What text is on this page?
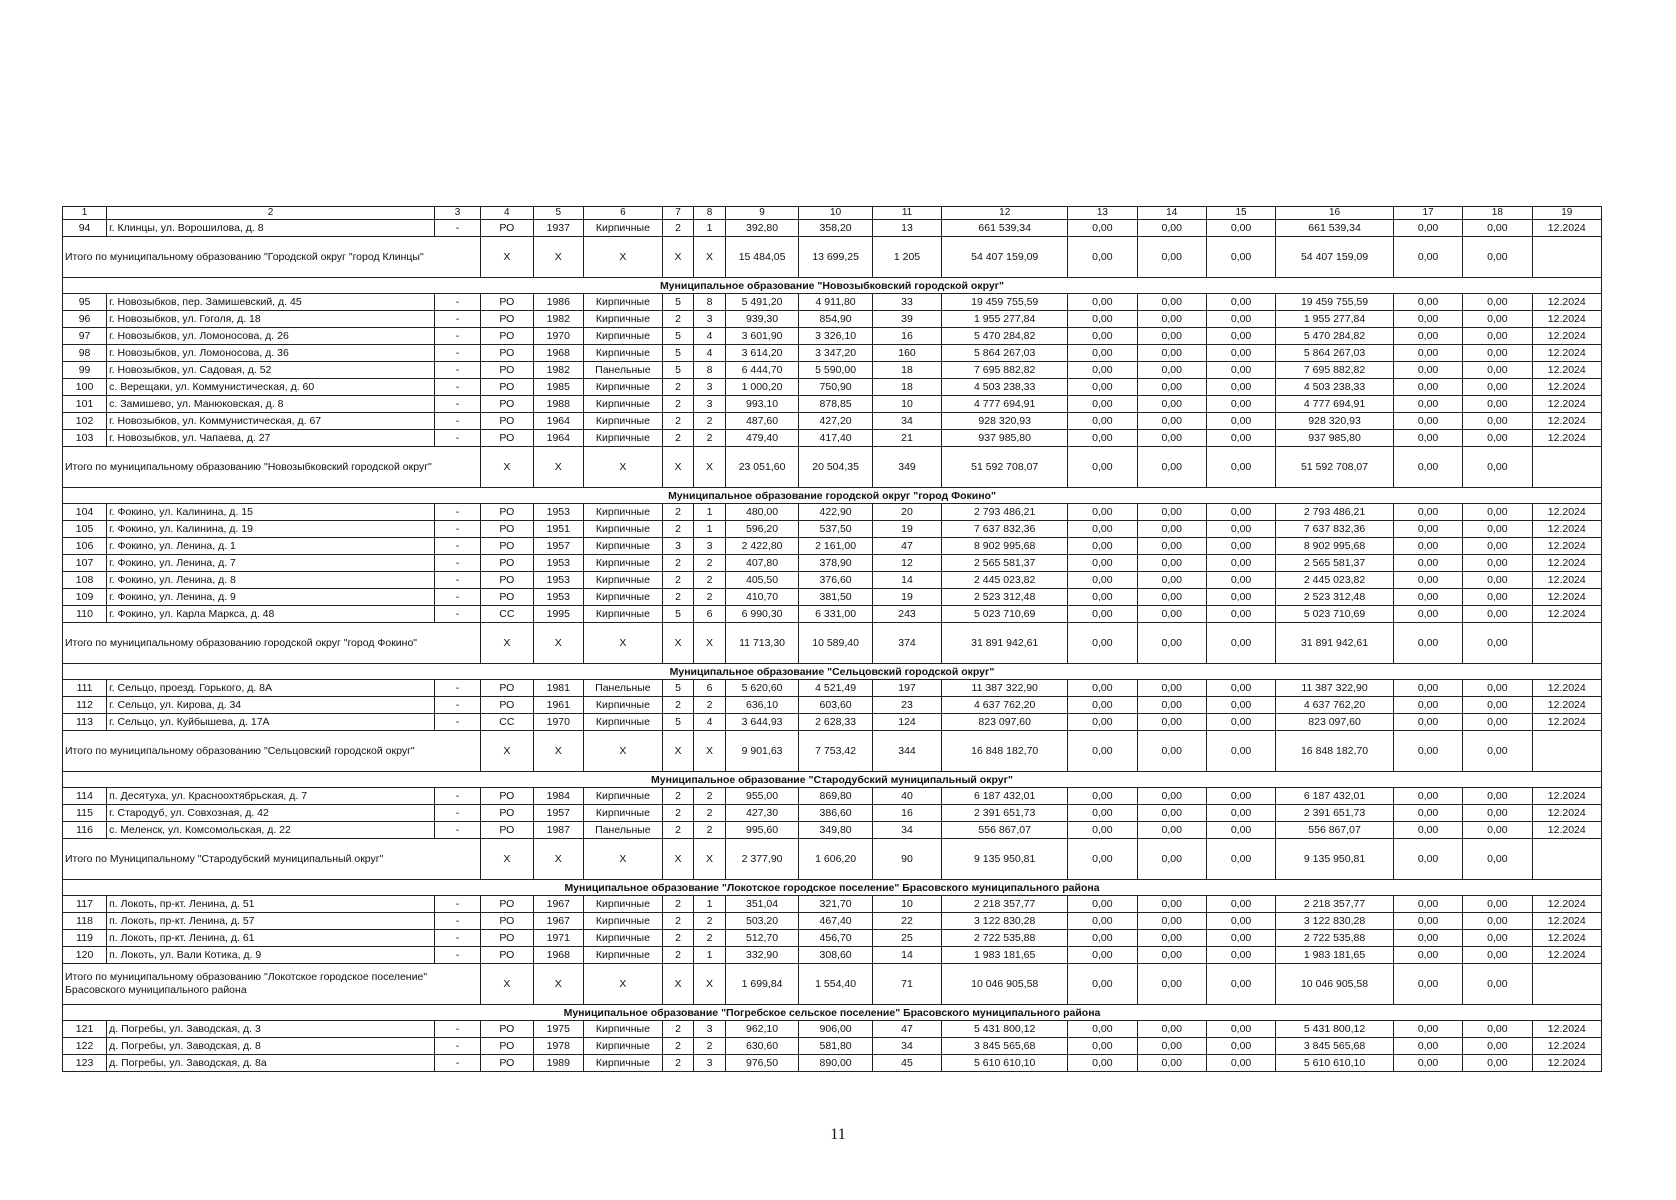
1	2	3	4	5	6	7	8	9	10	11	12	13	14	15	16	17	18	19
94	г. Клинцы, ул. Ворошилова, д. 8	-	РО	1937	Кирпичные	2	1	392,80	358,20	13	661 539,34	0,00	0,00	0,00	661 539,34	0,00	0,00	12.2024
Итого по муниципальному образованию "Городской округ "город Клинцы"			X	X	X	X	X	15 484,05	13 699,25	1 205	54 407 159,09	0,00	0,00	0,00	54 407 159,09	0,00	0,00	
Муниципальное образование "Новозыбковский городской округ"																		
95	г. Новозыбков, пер. Замишевский, д. 45	-	РО	1986	Кирпичные	5	8	5 491,20	4 911,80	33	19 459 755,59	0,00	0,00	0,00	19 459 755,59	0,00	0,00	12.2024
96	г. Новозыбков, ул. Гоголя, д. 18	-	РО	1982	Кирпичные	2	3	939,30	854,90	39	1 955 277,84	0,00	0,00	0,00	1 955 277,84	0,00	0,00	12.2024
97	г. Новозыбков, ул. Ломоносова, д. 26	-	РО	1970	Кирпичные	5	4	3 601,90	3 326,10	16	5 470 284,82	0,00	0,00	0,00	5 470 284,82	0,00	0,00	12.2024
98	г. Новозыбков, ул. Ломоносова, д. 36	-	РО	1968	Кирпичные	5	4	3 614,20	3 347,20	160	5 864 267,03	0,00	0,00	0,00	5 864 267,03	0,00	0,00	12.2024
99	г. Новозыбков, ул. Садовая, д. 52	-	РО	1982	Панельные	5	8	6 444,70	5 590,00	18	7 695 882,82	0,00	0,00	0,00	7 695 882,82	0,00	0,00	12.2024
100	с. Верещаки, ул. Коммунистическая, д. 60	-	РО	1985	Кирпичные	2	3	1 000,20	750,90	18	4 503 238,33	0,00	0,00	0,00	4 503 238,33	0,00	0,00	12.2024
101	с. Замишево, ул. Манюковская, д. 8	-	РО	1988	Кирпичные	2	3	993,10	878,85	10	4 777 694,91	0,00	0,00	0,00	4 777 694,91	0,00	0,00	12.2024
102	г. Новозыбков, ул. Коммунистическая, д. 67	-	РО	1964	Кирпичные	2	2	487,60	427,20	34	928 320,93	0,00	0,00	0,00	928 320,93	0,00	0,00	12.2024
103	г. Новозыбков, ул. Чапаева, д. 27	-	РО	1964	Кирпичные	2	2	479,40	417,40	21	937 985,80	0,00	0,00	0,00	937 985,80	0,00	0,00	12.2024
Итого по муниципальному образованию "Новозыбковский городской округ"			X	X	X	X	X	23 051,60	20 504,35	349	51 592 708,07	0,00	0,00	0,00	51 592 708,07	0,00	0,00	
Муниципальное образование городской округ "город Фокино"																		
104	г. Фокино, ул. Калинина, д. 15	-	РО	1953	Кирпичные	2	1	480,00	422,90	20	2 793 486,21	0,00	0,00	0,00	2 793 486,21	0,00	0,00	12.2024
105	г. Фокино, ул. Калинина, д. 19	-	РО	1951	Кирпичные	2	1	596,20	537,50	19	7 637 832,36	0,00	0,00	0,00	7 637 832,36	0,00	0,00	12.2024
106	г. Фокино, ул. Ленина, д. 1	-	РО	1957	Кирпичные	3	3	2 422,80	2 161,00	47	8 902 995,68	0,00	0,00	0,00	8 902 995,68	0,00	0,00	12.2024
107	г. Фокино, ул. Ленина, д. 7	-	РО	1953	Кирпичные	2	2	407,80	378,90	12	2 565 581,37	0,00	0,00	0,00	2 565 581,37	0,00	0,00	12.2024
108	г. Фокино, ул. Ленина, д. 8	-	РО	1953	Кирпичные	2	2	405,50	376,60	14	2 445 023,82	0,00	0,00	0,00	2 445 023,82	0,00	0,00	12.2024
109	г. Фокино, ул. Ленина, д. 9	-	РО	1953	Кирпичные	2	2	410,70	381,50	19	2 523 312,48	0,00	0,00	0,00	2 523 312,48	0,00	0,00	12.2024
110	г. Фокино, ул. Карла Маркса, д. 48	-	СС	1995	Кирпичные	5	6	6 990,30	6 331,00	243	5 023 710,69	0,00	0,00	0,00	5 023 710,69	0,00	0,00	12.2024
Итого по муниципальному образованию городской округ "город Фокино"			X	X	X	X	X	11 713,30	10 589,40	374	31 891 942,61	0,00	0,00	0,00	31 891 942,61	0,00	0,00	
Муниципальное образование "Сельцовский городской округ"																		
111	г. Сельцо, проезд. Горького, д. 8А	-	РО	1981	Панельные	5	6	5 620,60	4 521,49	197	11 387 322,90	0,00	0,00	0,00	11 387 322,90	0,00	0,00	12.2024
112	г. Сельцо, ул. Кирова, д. 34	-	РО	1961	Кирпичные	2	2	636,10	603,60	23	4 637 762,20	0,00	0,00	0,00	4 637 762,20	0,00	0,00	12.2024
113	г. Сельцо, ул. Куйбышева, д. 17А	-	СС	1970	Кирпичные	5	4	3 644,93	2 628,33	124	823 097,60	0,00	0,00	0,00	823 097,60	0,00	0,00	12.2024
Итого по муниципальному образованию "Сельцовский городской округ"			X	X	X	X	X	9 901,63	7 753,42	344	16 848 182,70	0,00	0,00	0,00	16 848 182,70	0,00	0,00	
Муниципальное образование "Стародубский муниципальный округ"																		
114	п. Десятуха, ул. Красноохтябрьская, д. 7	-	РО	1984	Кирпичные	2	2	955,00	869,80	40	6 187 432,01	0,00	0,00	0,00	6 187 432,01	0,00	0,00	12.2024
115	г. Стародуб, ул. Совхозная, д. 42	-	РО	1957	Кирпичные	2	2	427,30	386,60	16	2 391 651,73	0,00	0,00	0,00	2 391 651,73	0,00	0,00	12.2024
116	с. Меленск, ул. Комсомольская, д. 22	-	РО	1987	Панельные	2	2	995,60	349,80	34	556 867,07	0,00	0,00	0,00	556 867,07	0,00	0,00	12.2024
Итого по Муниципальному "Стародубский муниципальный округ"			X	X	X	X	X	2 377,90	1 606,20	90	9 135 950,81	0,00	0,00	0,00	9 135 950,81	0,00	0,00	
Муниципальное образование "Локотское городское поселение" Брасовского муниципального района																		
117	п. Локоть, пр-кт. Ленина, д. 51	-	РО	1967	Кирпичные	2	1	351,04	321,70	10	2 218 357,77	0,00	0,00	0,00	2 218 357,77	0,00	0,00	12.2024
118	п. Локоть, пр-кт. Ленина, д. 57	-	РО	1967	Кирпичные	2	2	503,20	467,40	22	3 122 830,28	0,00	0,00	0,00	3 122 830,28	0,00	0,00	12.2024
119	п. Локоть, пр-кт. Ленина, д. 61	-	РО	1971	Кирпичные	2	2	512,70	456,70	25	2 722 535,88	0,00	0,00	0,00	2 722 535,88	0,00	0,00	12.2024
120	п. Локоть, ул. Вали Котика, д. 9	-	РО	1968	Кирпичные	2	1	332,90	308,60	14	1 983 181,65	0,00	0,00	0,00	1 983 181,65	0,00	0,00	12.2024
Итого по муниципальному образованию "Локотское городское поселение" Брасовского муниципального района			X	X	X	X	X	1 699,84	1 554,40	71	10 046 905,58	0,00	0,00	0,00	10 046 905,58	0,00	0,00	
Муниципальное образование "Погребское сельское поселение" Брасовского муниципального района																		
121	д. Погребы, ул. Заводская, д. 3	-	РО	1975	Кирпичные	2	3	962,10	906,00	47	5 431 800,12	0,00	0,00	0,00	5 431 800,12	0,00	0,00	12.2024
122	д. Погребы, ул. Заводская, д. 8	-	РО	1978	Кирпичные	2	2	630,60	581,80	34	3 845 565,68	0,00	0,00	0,00	3 845 565,68	0,00	0,00	12.2024
123	д. Погребы, ул. Заводская, д. 8а	-	РО	1989	Кирпичные	2	3	976,50	890,00	45	5 610 610,10	0,00	0,00	0,00	5 610 610,10	0,00	0,00	12.2024
11
